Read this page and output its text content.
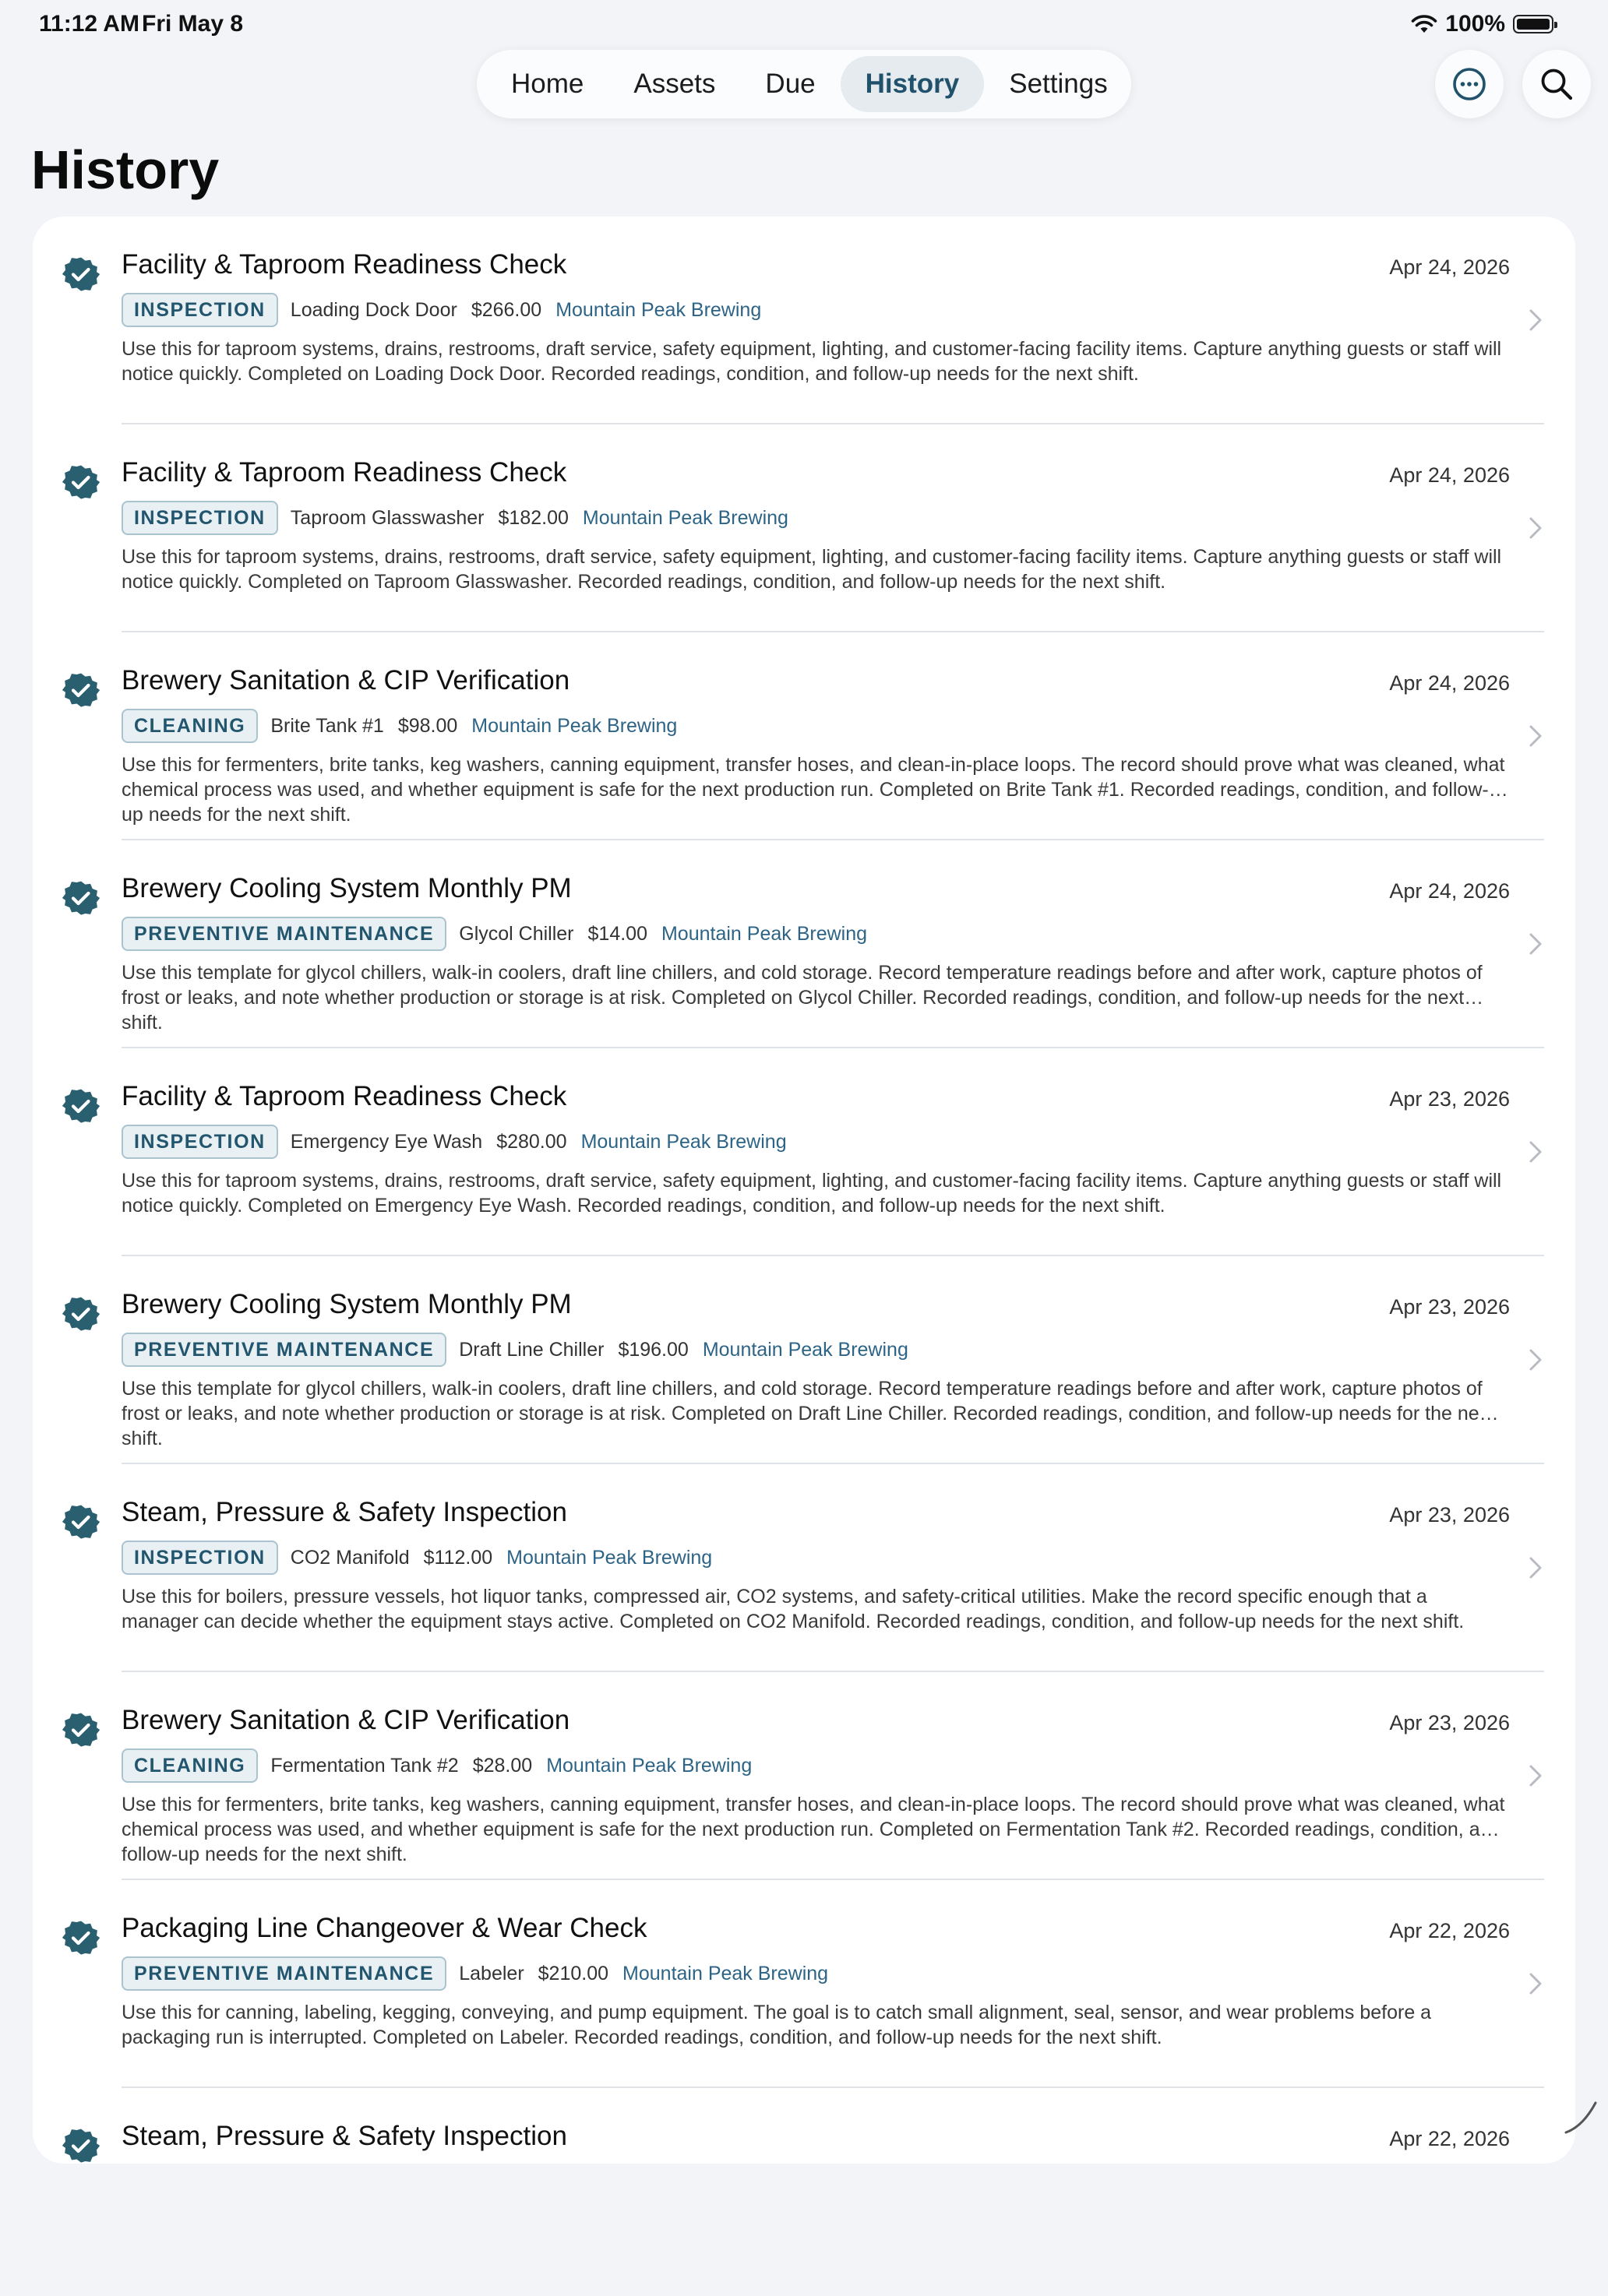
11:12 AM Fri May 8	100%
Home	Assets	Due	History	Settings
History
Facility & Taproom Readiness Check	Apr 24, 2026
INSPECTION	Loading Dock Door $266.00 Mountain Peak Brewing
Use this for taproom systems, drains, restrooms, draft service, safety equipment, lighting, and customer-facing facility items. Capture anything guests or staff will notice quickly. Completed on Loading Dock Door. Recorded readings, condition, and follow-up needs for the next shift.
Facility & Taproom Readiness Check	Apr 24, 2026
INSPECTION	Taproom Glasswasher $182.00 Mountain Peak Brewing
Use this for taproom systems, drains, restrooms, draft service, safety equipment, lighting, and customer-facing facility items. Capture anything guests or staff will notice quickly. Completed on Taproom Glasswasher. Recorded readings, condition, and follow-up needs for the next shift.
Brewery Sanitation & CIP Verification	Apr 24, 2026
CLEANING	Brite Tank #1 $98.00 Mountain Peak Brewing
Use this for fermenters, brite tanks, keg washers, canning equipment, transfer hoses, and clean-in-place loops. The record should prove what was cleaned, what chemical process was used, and whether equipment is safe for the next production run. Completed on Brite Tank #1. Recorded readings, condition, and follow-up needs for the next shift.
Brewery Cooling System Monthly PM	Apr 24, 2026
PREVENTIVE MAINTENANCE	Glycol Chiller $14.00 Mountain Peak Brewing
Use this template for glycol chillers, walk-in coolers, draft line chillers, and cold storage. Record temperature readings before and after work, capture photos of frost or leaks, and note whether production or storage is at risk. Completed on Glycol Chiller. Recorded readings, condition, and follow-up needs for the next shift.
Facility & Taproom Readiness Check	Apr 23, 2026
INSPECTION	Emergency Eye Wash $280.00 Mountain Peak Brewing
Use this for taproom systems, drains, restrooms, draft service, safety equipment, lighting, and customer-facing facility items. Capture anything guests or staff will notice quickly. Completed on Emergency Eye Wash. Recorded readings, condition, and follow-up needs for the next shift.
Brewery Cooling System Monthly PM	Apr 23, 2026
PREVENTIVE MAINTENANCE	Draft Line Chiller $196.00 Mountain Peak Brewing
Use this template for glycol chillers, walk-in coolers, draft line chillers, and cold storage. Record temperature readings before and after work, capture photos of frost or leaks, and note whether production or storage is at risk. Completed on Draft Line Chiller. Recorded readings, condition, and follow-up needs for the next shift.
Steam, Pressure & Safety Inspection	Apr 23, 2026
INSPECTION	CO2 Manifold $112.00 Mountain Peak Brewing
Use this for boilers, pressure vessels, hot liquor tanks, compressed air, CO2 systems, and safety-critical utilities. Make the record specific enough that a manager can decide whether the equipment stays active. Completed on CO2 Manifold. Recorded readings, condition, and follow-up needs for the next shift.
Brewery Sanitation & CIP Verification	Apr 23, 2026
CLEANING	Fermentation Tank #2 $28.00 Mountain Peak Brewing
Use this for fermenters, brite tanks, keg washers, canning equipment, transfer hoses, and clean-in-place loops. The record should prove what was cleaned, what chemical process was used, and whether equipment is safe for the next production run. Completed on Fermentation Tank #2. Recorded readings, condition, and follow-up needs for the next shift.
Packaging Line Changeover & Wear Check	Apr 22, 2026
PREVENTIVE MAINTENANCE	Labeler $210.00 Mountain Peak Brewing
Use this for canning, labeling, kegging, conveying, and pump equipment. The goal is to catch small alignment, seal, sensor, and wear problems before a packaging run is interrupted. Completed on Labeler. Recorded readings, condition, and follow-up needs for the next shift.
Steam, Pressure & Safety Inspection	Apr 22, 2026
